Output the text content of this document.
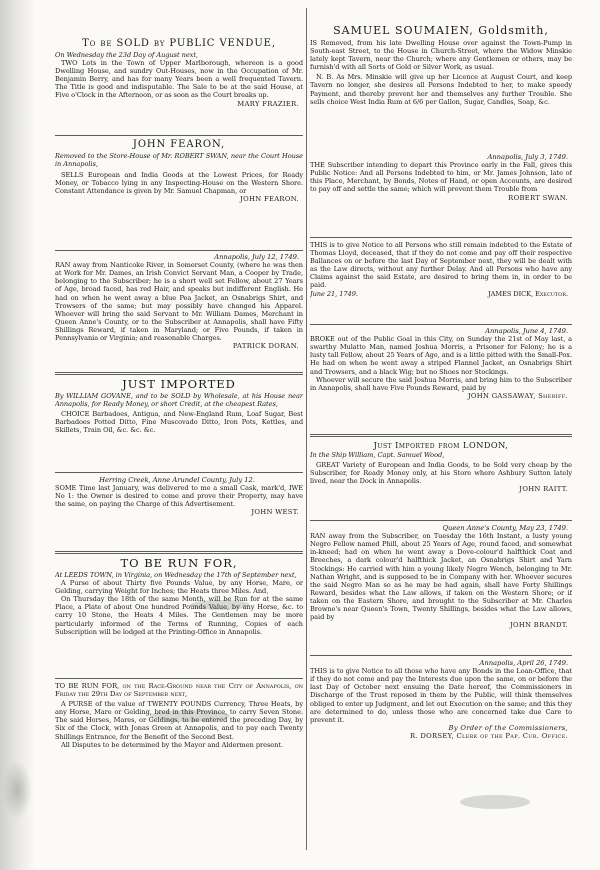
To be SOLD by PUBLIC VENDUE,

On Wednesday the 23d Day of August next,

TWO Lots in the Town of Upper Marlborough, whereon is a good Dwelling House, and sundry Out-Houses, now in the Occupation of Mr. Benjamin Berry, and has for many Years been a well frequented Tavern. The Title is good and indisputable. The Sale to be at the said House, at Five o'Clock in the Afternoon, or as soon as the Court breaks up.

MARY FRAZIER.
JOHN FEARON,

Removed to the Store-House of Mr. ROBERT SWAN, near the Court House in Annapolis,

SELLS European and India Goods at the Lowest Prices, for Ready Money, or Tobacco lying in any Inspecting-House on the Western Shore. Constant Attendance is given by Mr. Samuel Chapman, or

JOHN FEARON.
Annapolis, July 12, 1749.

RAN away from Nanticoke River, in Somerset County, (where he was then at Work for Mr. Dames, an Irish Convict Servant Man, a Cooper by Trade, belonging to the Subscriber; he is a short well set Fellow, about 27 Years of Age, broad faced, has red Hair, and speaks but indifferent English. He had on when he went away a blue Pea Jacket, an Osnabrigs Shirt, and Trowsers of the same; but may possibly have changed his Apparel. Whoever will bring the said Servant to Mr. William Dames, Merchant in Queen Anne's County, or to the Subscriber at Annapolis, shall have Fifty Shillings Reward, if taken in Maryland; or Five Pounds, if taken in Pennsylvania or Virginia; and reasonable Charges.

PATRICK DORAN.
JUST IMPORTED

By WILLIAM GOVANE, and to be SOLD by Wholesale, at his House near Annapolis, for Ready Money, or short Credit, at the cheapest Rates,

CHOICE Barbadoes, Antigua, and New-England Rum, Loaf Sugar, Best Barbadoes Potted Ditto, Fine Muscovado Ditto, Iron Pots, Kettles, and Skillets, Train Oil, &c. &c. &c.

Herring Creek, Anne Arundel County, July 12.

SOME Time last January, was delivered to me a small Cask, mark'd, IWE No 1: the Owner is desired to come and prove their Property, may have the same, on paying the Charge of this Advertisement.

JOHN WEST.
TO BE RUN FOR,

At LEEDS TOWN, in Virginia, on Wednesday the 17th of September next,

A Purse of about Thirty five Pounds Value, by any Horse, Mare, or Gelding, carrying Weight for Inches; the Heats three Miles. And,

On Thursday the 18th of the same Month, will be Run for at the same Place, a Plate of about One hundred Pounds Value, by any Horse, &c. to carry 10 Stone, the Heats 4 Miles. The Gentlemen may be more particularly informed of the Terms of Running, Copies of each Subscription will be lodged at the Printing-Office in Annapolis.

TO BE RUN FOR, on the Race-Ground near the City of Annapolis, on Friday the 29th Day of September next,

A PURSE of the value of TWENTY POUNDS Currency, Three Heats, by any Horse, Mare or Gelding, bred in this Province, to carry Seven Stone. The said Horses, Mares, or Geldings, to be entered the preceding Day, by Six of the Clock, with Jonas Green at Annapolis, and to pay each Twenty Shillings Entrance, for the Benefit of the Second Best.

All Disputes to be determined by the Mayor and Aldermen present.

SAMUEL SOUMAIEN, Goldsmith,

IS Removed, from his late Dwelling House over against the Town-Pump in South-east Street, to the House in Church-Street, where the Widow Minskie lately kept Tavern, near the Church; where any Gentlemen or others, may be furnish'd with all Sorts of Gold or Silver Work, as usual.

N. B. As Mrs. Minskie will give up her Licence at August Court, and keep Tavern no longer, she desires all Persons Indebted to her, to make speedy Payment, and thereby prevent her and themselves any further Trouble. She sells choice West India Rum at 6/6 per Gallon, Sugar, Candles, Soap, &c.

Annapolis, July 3, 1749.

THE Subscriber intending to depart this Province early in the Fall, gives this Public Notice: And all Persons Indebted to him, or Mr. James Johnson, late of this Place, Merchant, by Bonds, Notes of Hand, or open Accounts, are desired to pay off and settle the same; which will prevent them Trouble from

ROBERT SWAN.

THIS is to give Notice to all Persons who still remain indebted to the Estate of Thomas Lloyd, deceased, that if they do not come and pay off their respective Ballances on or before the last Day of September next, they will be dealt with as the Law directs, without any further Delay. And all Persons who have any Claims against the said Estate, are desired to bring them in, in order to be paid.

June 21, 1749.	JAMES DICK, Executor.
Annapolis, June 4, 1749.

BROKE out of the Public Goal in this City, on Sunday the 21st of May last, a swarthy Mulatto Man, named Joshua Morris, a Prisoner for Felony; he is a lusty tall Fellow, about 25 Years of Age, and is a little pitted with the Small-Pox. He had on when he went away a striped Flannel Jacket, an Osnabrigs Shirt and Trowsers, and a black Wig; but no Shoes nor Stockings.

Whoever will secure the said Joshua Morris, and bring him to the Subscriber in Annapolis, shall have Five Pounds Reward, paid by

JOHN GASSAWAY, Sheriff.
Just Imported from LONDON,

In the Ship William, Capt. Samuel Wood,

GREAT Variety of European and India Goods, to be Sold very cheap by the Subscriber, for Ready Money only, at his Store where Ashbury Sutton lately lived, near the Dock in Annapolis.

JOHN RAITT.
Queen Anne's County, May 23, 1749.

RAN away from the Subscriber, on Tuesday the 16th Instant, a lusty young Negro Fellow named Phill, about 25 Years of Age, round faced, and somewhat in-kneed; had on when he went away a Dove-colour'd halfthick Coat and Breeches, a dark colour'd halfthick Jacket, an Osnabrigs Shirt and Yarn Stockings: He carried with him a young likely Negro Wench, belonging to Mr. Nathan Wright, and is supposed to be in Company with her. Whoever secures the said Negro Man so as he may be had again, shall have Forty Shillings Reward, besides what the Law allows, if taken on the Western Shore; or if taken on the Eastern Shore, and brought to the Subscriber at Mr. Charles Browne's near Queen's Town, Twenty Shillings, besides what the Law allows, paid by

JOHN BRANDT.
Annapolis, April 26, 1749.

THIS is to give Notice to all those who have any Bonds in the Loan-Office, that if they do not come and pay the Interests due upon the same, on or before the last Day of October next ensuing the Date hereof, the Commissioners in Discharge of the Trust reposed in them by the Public, will think themselves obliged to enter up Judgment, and let out Execution on the same; and this they are determined to do, unless those who are concerned take due Care to prevent it.

By Order of the Commissioners,
R. DORSEY, Clerk of the Pap. Cur. Office.
